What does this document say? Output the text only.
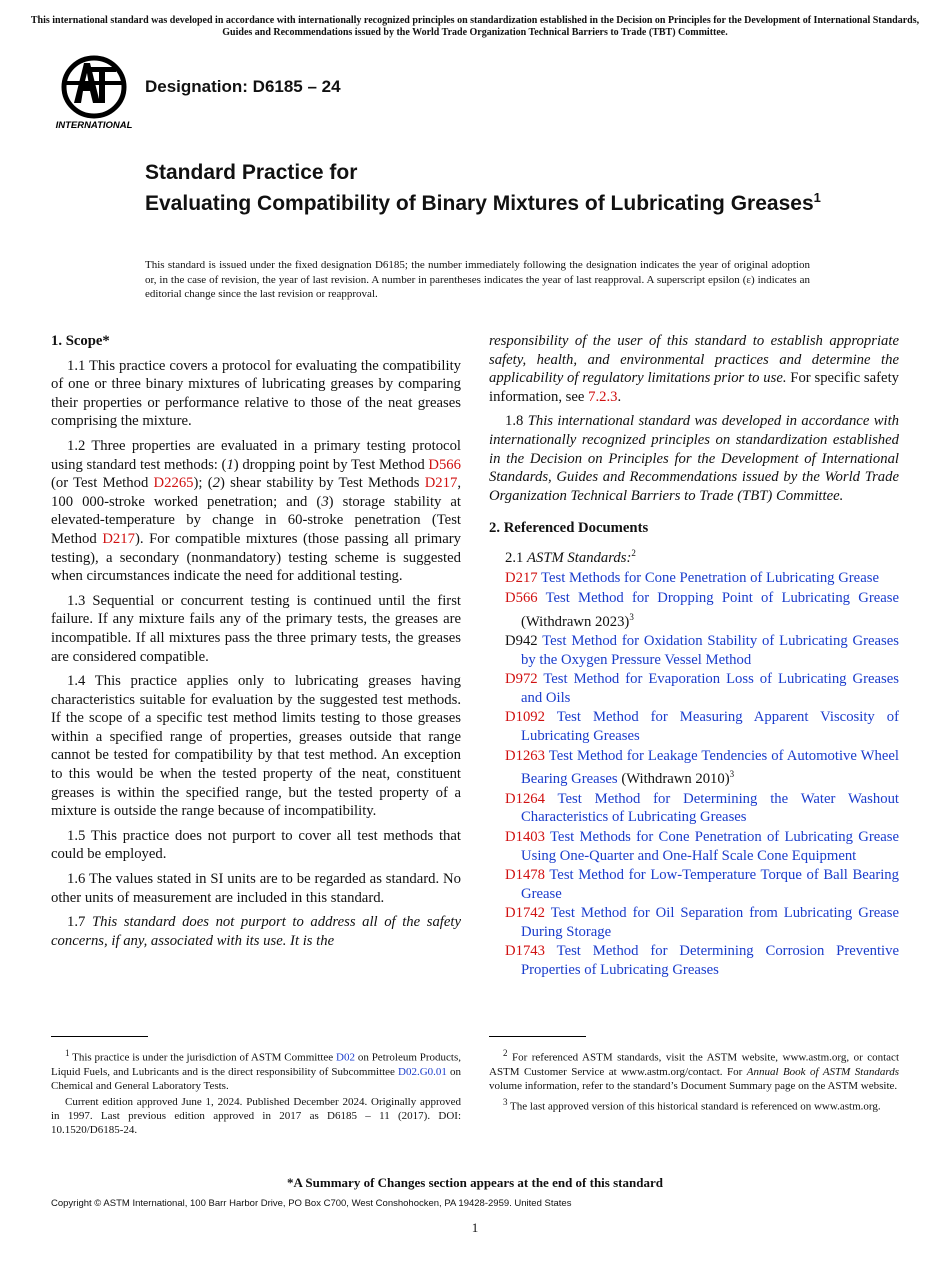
This international standard was developed in accordance with internationally recognized principles on standardization established in the Decision on Principles for the Development of International Standards, Guides and Recommendations issued by the World Trade Organization Technical Barriers to Trade (TBT) Committee.
INTERNATIONAL
Designation: D6185 – 24
Standard Practice for
Evaluating Compatibility of Binary Mixtures of Lubricating Greases$^1$
This standard is issued under the fixed designation D6185; the number immediately following the designation indicates the year of original adoption or, in the case of revision, the year of last revision. A number in parentheses indicates the year of last reapproval. A superscript epsilon (ε) indicates an editorial change since the last revision or reapproval.
1. Scope*

1.1 This practice covers a protocol for evaluating the compatibility of one or three binary mixtures of lubricating greases by comparing their properties or performance relative to those of the neat greases comprising the mixture.

1.2 Three properties are evaluated in a primary testing protocol using standard test methods: (1) dropping point by Test Method D566 (or Test Method D2265); (2) shear stability by Test Methods D217, 100 000-stroke worked penetration; and (3) storage stability at elevated-temperature by change in 60-stroke penetration (Test Method D217). For compatible mixtures (those passing all primary testing), a secondary (nonmandatory) testing scheme is suggested when circumstances indicate the need for additional testing.

1.3 Sequential or concurrent testing is continued until the first failure. If any mixture fails any of the primary tests, the greases are incompatible. If all mixtures pass the three primary tests, the greases are considered compatible.

1.4 This practice applies only to lubricating greases having characteristics suitable for evaluation by the suggested test methods. If the scope of a specific test method limits testing to those greases within a specified range of properties, greases outside that range cannot be tested for compatibility by that test method. An exception to this would be when the tested property of the neat, constituent greases is within the specified range, but the tested property of a mixture is outside the range because of incompatibility.

1.5 This practice does not purport to cover all test methods that could be employed.

1.6 The values stated in SI units are to be regarded as standard. No other units of measurement are included in this standard.

1.7 This standard does not purport to address all of the safety concerns, if any, associated with its use. It is the

responsibility of the user of this standard to establish appropriate safety, health, and environmental practices and determine the applicability of regulatory limitations prior to use. For specific safety information, see 7.2.3.

1.8 This international standard was developed in accordance with internationally recognized principles on standardization established in the Decision on Principles for the Development of International Standards, Guides and Recommendations issued by the World Trade Organization Technical Barriers to Trade (TBT) Committee.

2. Referenced Documents

2.1 ASTM Standards:$^2$

D217 Test Methods for Cone Penetration of Lubricating Grease

D566 Test Method for Dropping Point of Lubricating Grease (Withdrawn 2023)$^3$

D942 Test Method for Oxidation Stability of Lubricating Greases by the Oxygen Pressure Vessel Method

D972 Test Method for Evaporation Loss of Lubricating Greases and Oils

D1092 Test Method for Measuring Apparent Viscosity of Lubricating Greases

D1263 Test Method for Leakage Tendencies of Automotive Wheel Bearing Greases (Withdrawn 2010)$^3$

D1264 Test Method for Determining the Water Washout Characteristics of Lubricating Greases

D1403 Test Methods for Cone Penetration of Lubricating Grease Using One-Quarter and One-Half Scale Cone Equipment

D1478 Test Method for Low-Temperature Torque of Ball Bearing Grease

D1742 Test Method for Oil Separation from Lubricating Grease During Storage

D1743 Test Method for Determining Corrosion Preventive Properties of Lubricating Greases

$^1$ This practice is under the jurisdiction of ASTM Committee D02 on Petroleum Products, Liquid Fuels, and Lubricants and is the direct responsibility of Subcommittee D02.G0.01 on Chemical and General Laboratory Tests.

Current edition approved June 1, 2024. Published December 2024. Originally approved in 1997. Last previous edition approved in 2017 as D6185 – 11 (2017). DOI: 10.1520/D6185-24.

$^2$ For referenced ASTM standards, visit the ASTM website, www.astm.org, or contact ASTM Customer Service at www.astm.org/contact. For Annual Book of ASTM Standards volume information, refer to the standard’s Document Summary page on the ASTM website.

$^3$ The last approved version of this historical standard is referenced on www.astm.org.

*A Summary of Changes section appears at the end of this standard
Copyright © ASTM International, 100 Barr Harbor Drive, PO Box C700, West Conshohocken, PA 19428-2959. United States
1
